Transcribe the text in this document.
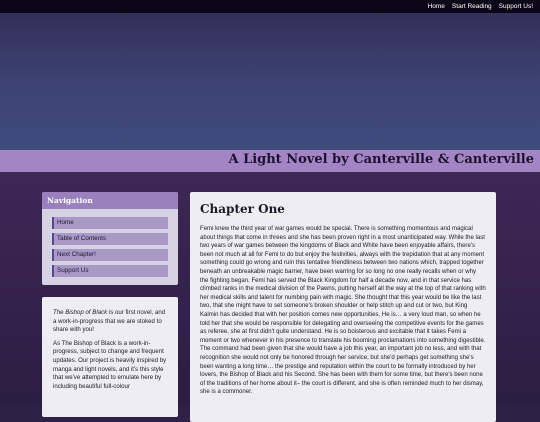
Home Start Reading Support Us!
A Light Novel by Canterville & Canterville
Navigation
Home
Table of Contents
Next Chapter!
Support Us

The Bishop of Black is our first novel, and a work-in-progress that we are stoked to share with you!

As The Bishop of Black is a work-in-progress, subject to change and frequent updates. Our project is heavily inspired by manga and light novels, and it's this style that we've attempted to emulate here by including beautiful full-colour

Chapter One

Femi knew the third year of war games would be special. There is something momentous and magical about things that come in threes and she has been proven right in a most unanticipated way. While the last two years of war games between the kingdoms of Black and White have been enjoyable affairs, there's been not much at all for Femi to do but enjoy the festivities, always with the trepidation that at any moment something could go wrong and ruin this tentative friendliness between two nations which, trapped together beneath an unbreakable magic barrier, have been warring for so long no one really recalls when or why the fighting began. Femi has served the Black Kingdom for half a decade now, and in that service has climbed ranks in the medical division of the Pawns, putting herself all the way at the top of that ranking with her medical skills and talent for numbing pain with magic. She thought that this year would be like the last two, that she might have to set someone's broken shoulder or help stitch up and cut or two, but King Kalmin has decided that with her position comes new opportunities. He is… a very loud man, so when he told her that she would be responsible for delegating and overseeing the competitive events for the games as referee, she at first didn't quite understand. He is so boisterous and excitable that it takes Femi a moment or two whenever in his presence to translate his booming proclamations into something digestible. The command had been given that she would have a job this year, an important job no less, and with that recognition she would not only be honored through her service, but she'd perhaps get something she's been wanting a long time… the prestige and reputation within the court to be formally introduced by her lovers, the Bishop of Black and his Second. She has been with them for some time, but there's been none of the traditions of her home about it– the court is different, and she is often reminded much to her dismay, she is a commoner.
